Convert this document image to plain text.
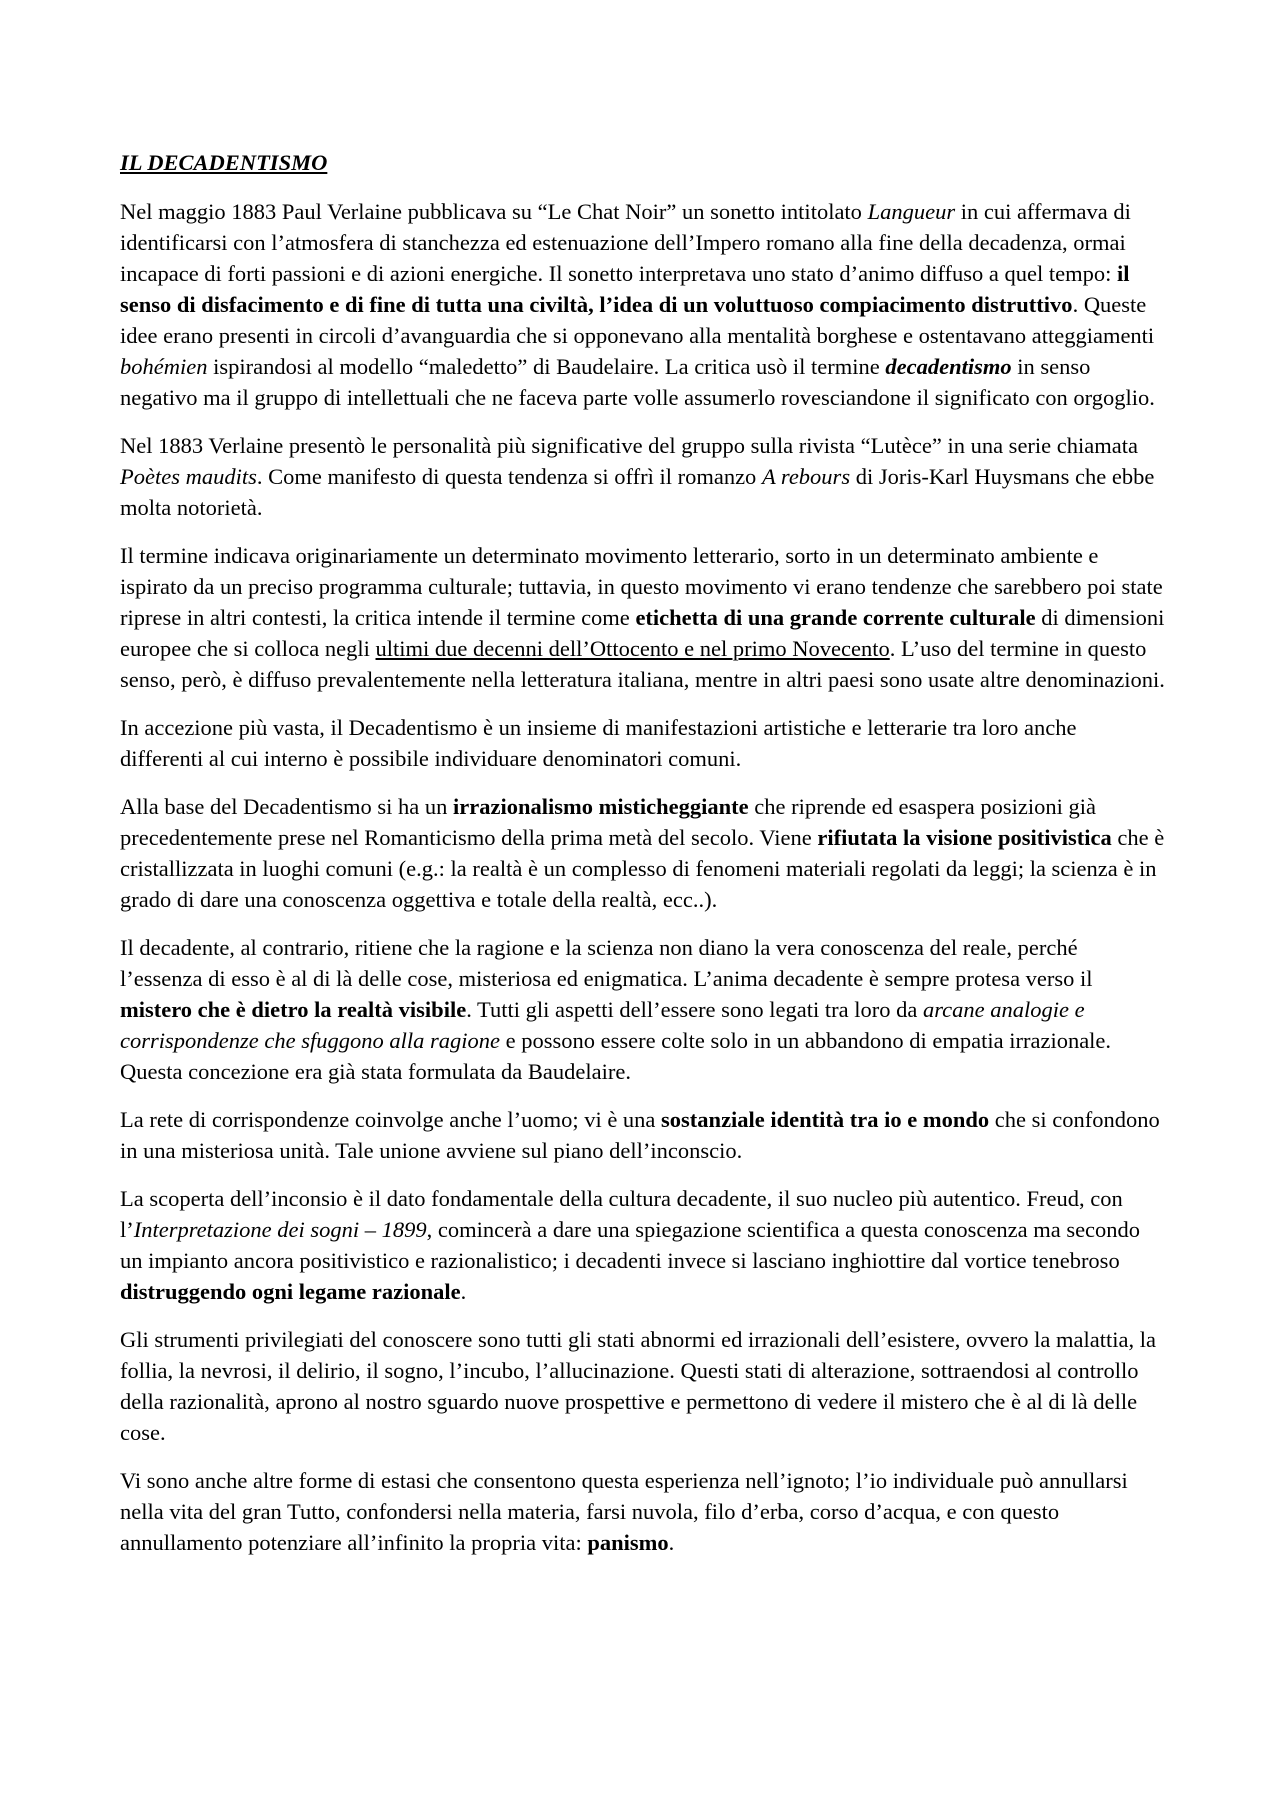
IL DECADENTISMO

Nel maggio 1883 Paul Verlaine pubblicava su “Le Chat Noir” un sonetto intitolato Langueur in cui affermava di identificarsi con l’atmosfera di stanchezza ed estenuazione dell’Impero romano alla fine della decadenza, ormai incapace di forti passioni e di azioni energiche. Il sonetto interpretava uno stato d’animo diffuso a quel tempo: il senso di disfacimento e di fine di tutta una civiltà, l’idea di un voluttuoso compiacimento distruttivo. Queste idee erano presenti in circoli d’avanguardia che si opponevano alla mentalità borghese e ostentavano atteggiamenti bohémien ispirandosi al modello “maledetto” di Baudelaire. La critica usò il termine decadentismo in senso negativo ma il gruppo di intellettuali che ne faceva parte volle assumerlo rovesciandone il significato con orgoglio.

Nel 1883 Verlaine presentò le personalità più significative del gruppo sulla rivista “Lutèce” in una serie chiamata Poètes maudits. Come manifesto di questa tendenza si offrì il romanzo A rebours di Joris-Karl Huysmans che ebbe molta notorietà.

Il termine indicava originariamente un determinato movimento letterario, sorto in un determinato ambiente e ispirato da un preciso programma culturale; tuttavia, in questo movimento vi erano tendenze che sarebbero poi state riprese in altri contesti, la critica intende il termine come etichetta di una grande corrente culturale di dimensioni europee che si colloca negli ultimi due decenni dell’Ottocento e nel primo Novecento. L’uso del termine in questo senso, però, è diffuso prevalentemente nella letteratura italiana, mentre in altri paesi sono usate altre denominazioni.

In accezione più vasta, il Decadentismo è un insieme di manifestazioni artistiche e letterarie tra loro anche differenti al cui interno è possibile individuare denominatori comuni.

Alla base del Decadentismo si ha un irrazionalismo misticheggiante che riprende ed esaspera posizioni già precedentemente prese nel Romanticismo della prima metà del secolo. Viene rifiutata la visione positivistica che è cristallizzata in luoghi comuni (e.g.: la realtà è un complesso di fenomeni materiali regolati da leggi; la scienza è in grado di dare una conoscenza oggettiva e totale della realtà, ecc..).

Il decadente, al contrario, ritiene che la ragione e la scienza non diano la vera conoscenza del reale, perché l’essenza di esso è al di là delle cose, misteriosa ed enigmatica. L’anima decadente è sempre protesa verso il mistero che è dietro la realtà visibile. Tutti gli aspetti dell’essere sono legati tra loro da arcane analogie e corrispondenze che sfuggono alla ragione e possono essere colte solo in un abbandono di empatia irrazionale. Questa concezione era già stata formulata da Baudelaire.

La rete di corrispondenze coinvolge anche l’uomo; vi è una sostanziale identità tra io e mondo che si confondono in una misteriosa unità. Tale unione avviene sul piano dell’inconscio.

La scoperta dell’inconsio è il dato fondamentale della cultura decadente, il suo nucleo più autentico. Freud, con l’Interpretazione dei sogni – 1899, comincerà a dare una spiegazione scientifica a questa conoscenza ma secondo un impianto ancora positivistico e razionalistico; i decadenti invece si lasciano inghiottire dal vortice tenebroso distruggendo ogni legame razionale.

Gli strumenti privilegiati del conoscere sono tutti gli stati abnormi ed irrazionali dell’esistere, ovvero la malattia, la follia, la nevrosi, il delirio, il sogno, l’incubo, l’allucinazione. Questi stati di alterazione, sottraendosi al controllo della razionalità, aprono al nostro sguardo nuove prospettive e permettono di vedere il mistero che è al di là delle cose.

Vi sono anche altre forme di estasi che consentono questa esperienza nell’ignoto; l’io individuale può annullarsi nella vita del gran Tutto, confondersi nella materia, farsi nuvola, filo d’erba, corso d’acqua, e con questo annullamento potenziare all’infinito la propria vita: panismo.
